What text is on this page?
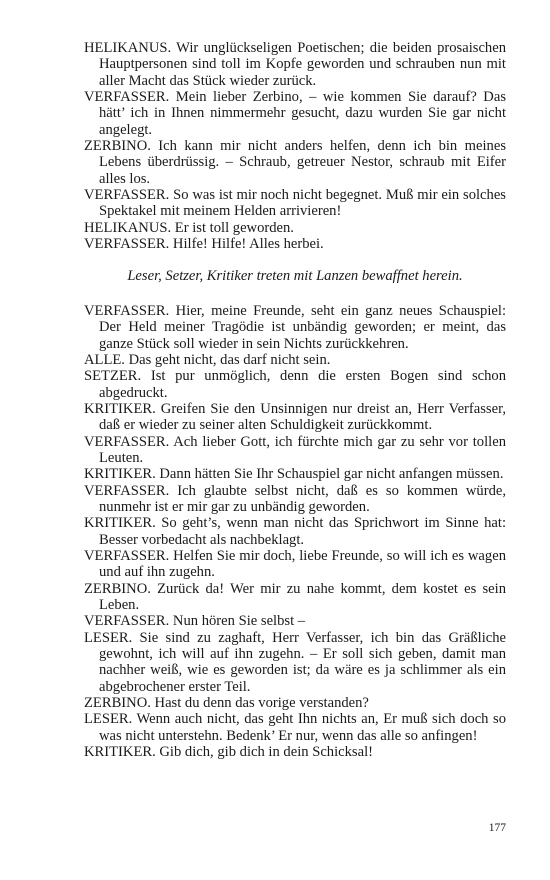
HELIKANUS. Wir unglückseligen Poetischen; die beiden prosaischen Hauptpersonen sind toll im Kopfe geworden und schrauben nun mit aller Macht das Stück wieder zurück.

VERFASSER. Mein lieber Zerbino, – wie kommen Sie darauf? Das hätt’ ich in Ihnen nimmermehr gesucht, dazu wurden Sie gar nicht angelegt.

ZERBINO. Ich kann mir nicht anders helfen, denn ich bin meines Lebens überdrüssig. – Schraub, getreuer Nestor, schraub mit Eifer alles los.

VERFASSER. So was ist mir noch nicht begegnet. Muß mir ein solches Spektakel mit meinem Helden arrivieren!

HELIKANUS. Er ist toll geworden.

VERFASSER. Hilfe! Hilfe! Alles herbei.

Leser, Setzer, Kritiker treten mit Lanzen bewaffnet herein.

VERFASSER. Hier, meine Freunde, seht ein ganz neues Schauspiel: Der Held meiner Tragödie ist unbändig geworden; er meint, das ganze Stück soll wieder in sein Nichts zurückkehren.

ALLE. Das geht nicht, das darf nicht sein.

SETZER. Ist pur unmöglich, denn die ersten Bogen sind schon abgedruckt.

KRITIKER. Greifen Sie den Unsinnigen nur dreist an, Herr Verfasser, daß er wieder zu seiner alten Schuldigkeit zurückkommt.

VERFASSER. Ach lieber Gott, ich fürchte mich gar zu sehr vor tollen Leuten.

KRITIKER. Dann hätten Sie Ihr Schauspiel gar nicht anfangen müssen.

VERFASSER. Ich glaubte selbst nicht, daß es so kommen würde, nunmehr ist er mir gar zu unbändig geworden.

KRITIKER. So geht’s, wenn man nicht das Sprichwort im Sinne hat: Besser vorbedacht als nachbeklagt.

VERFASSER. Helfen Sie mir doch, liebe Freunde, so will ich es wagen und auf ihn zugehn.

ZERBINO. Zurück da! Wer mir zu nahe kommt, dem kostet es sein Leben.

VERFASSER. Nun hören Sie selbst –

LESER. Sie sind zu zaghaft, Herr Verfasser, ich bin das Gräßliche gewohnt, ich will auf ihn zugehn. – Er soll sich geben, damit man nachher weiß, wie es geworden ist; da wäre es ja schlimmer als ein abgebrochener erster Teil.

ZERBINO. Hast du denn das vorige verstanden?

LESER. Wenn auch nicht, das geht Ihn nichts an, Er muß sich doch so was nicht unterstehn. Bedenk’ Er nur, wenn das alle so anfingen!

KRITIKER. Gib dich, gib dich in dein Schicksal!

177
